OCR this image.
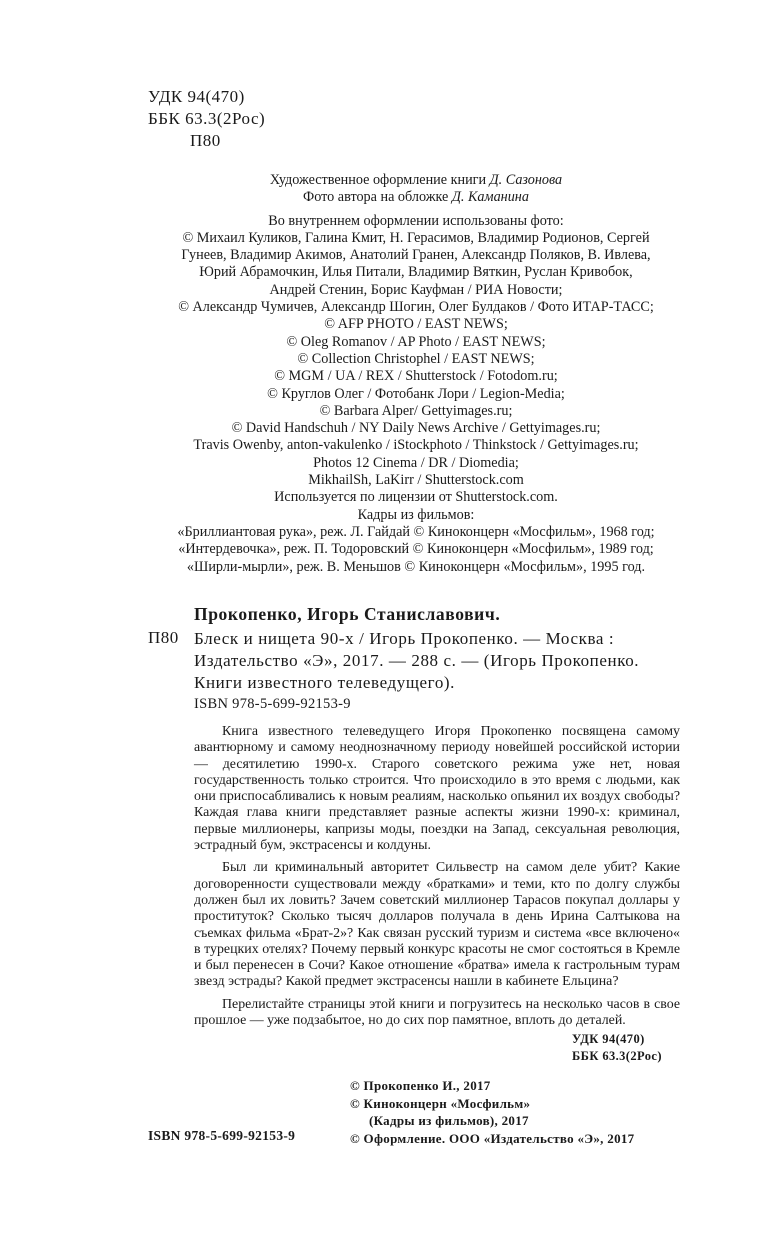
УДК 94(470)
ББК 63.3(2Рос)
П80
Художественное оформление книги Д. Сазонова
Фото автора на обложке Д. Каманина
Во внутреннем оформлении использованы фото:
© Михаил Куликов, Галина Кмит, Н. Герасимов, Владимир Родионов, Сергей
Гунеев, Владимир Акимов, Анатолий Гранен, Александр Поляков, В. Ивлева,
Юрий Абрамочкин, Илья Питали, Владимир Вяткин, Руслан Кривобок,
Андрей Стенин, Борис Кауфман / РИА Новости;
© Александр Чумичев, Александр Шогин, Олег Булдаков / Фото ИТАР-ТАСС;
© AFP PHOTO / EAST NEWS;
© Oleg Romanov / AP Photo / EAST NEWS;
© Collection Christophel / EAST NEWS;
© MGM / UA / REX / Shutterstock / Fotodom.ru;
© Круглов Олег / Фотобанк Лори / Legion-Media;
© Barbara Alper/ Gettyimages.ru;
© David Handschuh / NY Daily News Archive / Gettyimages.ru;
Travis Owenby, anton-vakulenko / iStockphoto / Thinkstock / Gettyimages.ru;
Photos 12 Cinema / DR / Diomedia;
MikhailSh, LaKirr / Shutterstock.com
Используется по лицензии от Shutterstock.com.
Кадры из фильмов:
«Бриллиантовая рука», реж. Л. Гайдай © Киноконцерн «Мосфильм», 1968 год;
«Интердевочка», реж. П. Тодоровский © Киноконцерн «Мосфильм», 1989 год;
«Ширли-мырли», реж. В. Меньшов © Киноконцерн «Мосфильм», 1995 год.
Прокопенко, Игорь Станиславович.
П80 Блеск и нищета 90-х / Игорь Прокопенко. — Москва :
Издательство «Э», 2017. — 288 с. — (Игорь Прокопенко.
Книги известного телеведущего).
ISBN 978-5-699-92153-9

Книга известного телеведущего Игоря Прокопенко посвящена самому авантюрному и самому неоднозначному периоду новейшей российской истории — десятилетию 1990-х. Старого советского режима уже нет, новая государственность только строится. Что происходило в это время с людьми, как они приспосабливались к новым реалиям, насколько опьянил их воздух свободы? Каждая глава книги представляет разные аспекты жизни 1990-х: криминал, первые миллионеры, капризы моды, поездки на Запад, сексуальная революция, эстрадный бум, экстрасенсы и колдуны.

Был ли криминальный авторитет Сильвестр на самом деле убит? Какие договоренности существовали между «братками» и теми, кто по долгу службы должен был их ловить? Зачем советский миллионер Тарасов покупал доллары у проституток? Сколько тысяч долларов получала в день Ирина Салтыкова на съемках фильма «Брат-2»? Как связан русский туризм и система «все включено« в турецких отелях? Почему первый конкурс красоты не смог состояться в Кремле и был перенесен в Сочи? Какое отношение «братва» имела к гастрольным турам звезд эстрады? Какой предмет экстрасенсы нашли в кабинете Ельцина?

Перелистайте страницы этой книги и погрузитесь на несколько часов в свое прошлое — уже подзабытое, но до сих пор памятное, вплоть до деталей.

УДК 94(470)
ББК 63.3(2Рос)
© Прокопенко И., 2017
© Киноконцерн «Мосфильм»
(Кадры из фильмов), 2017
© Оформление. ООО «Издательство «Э», 2017
ISBN 978-5-699-92153-9
